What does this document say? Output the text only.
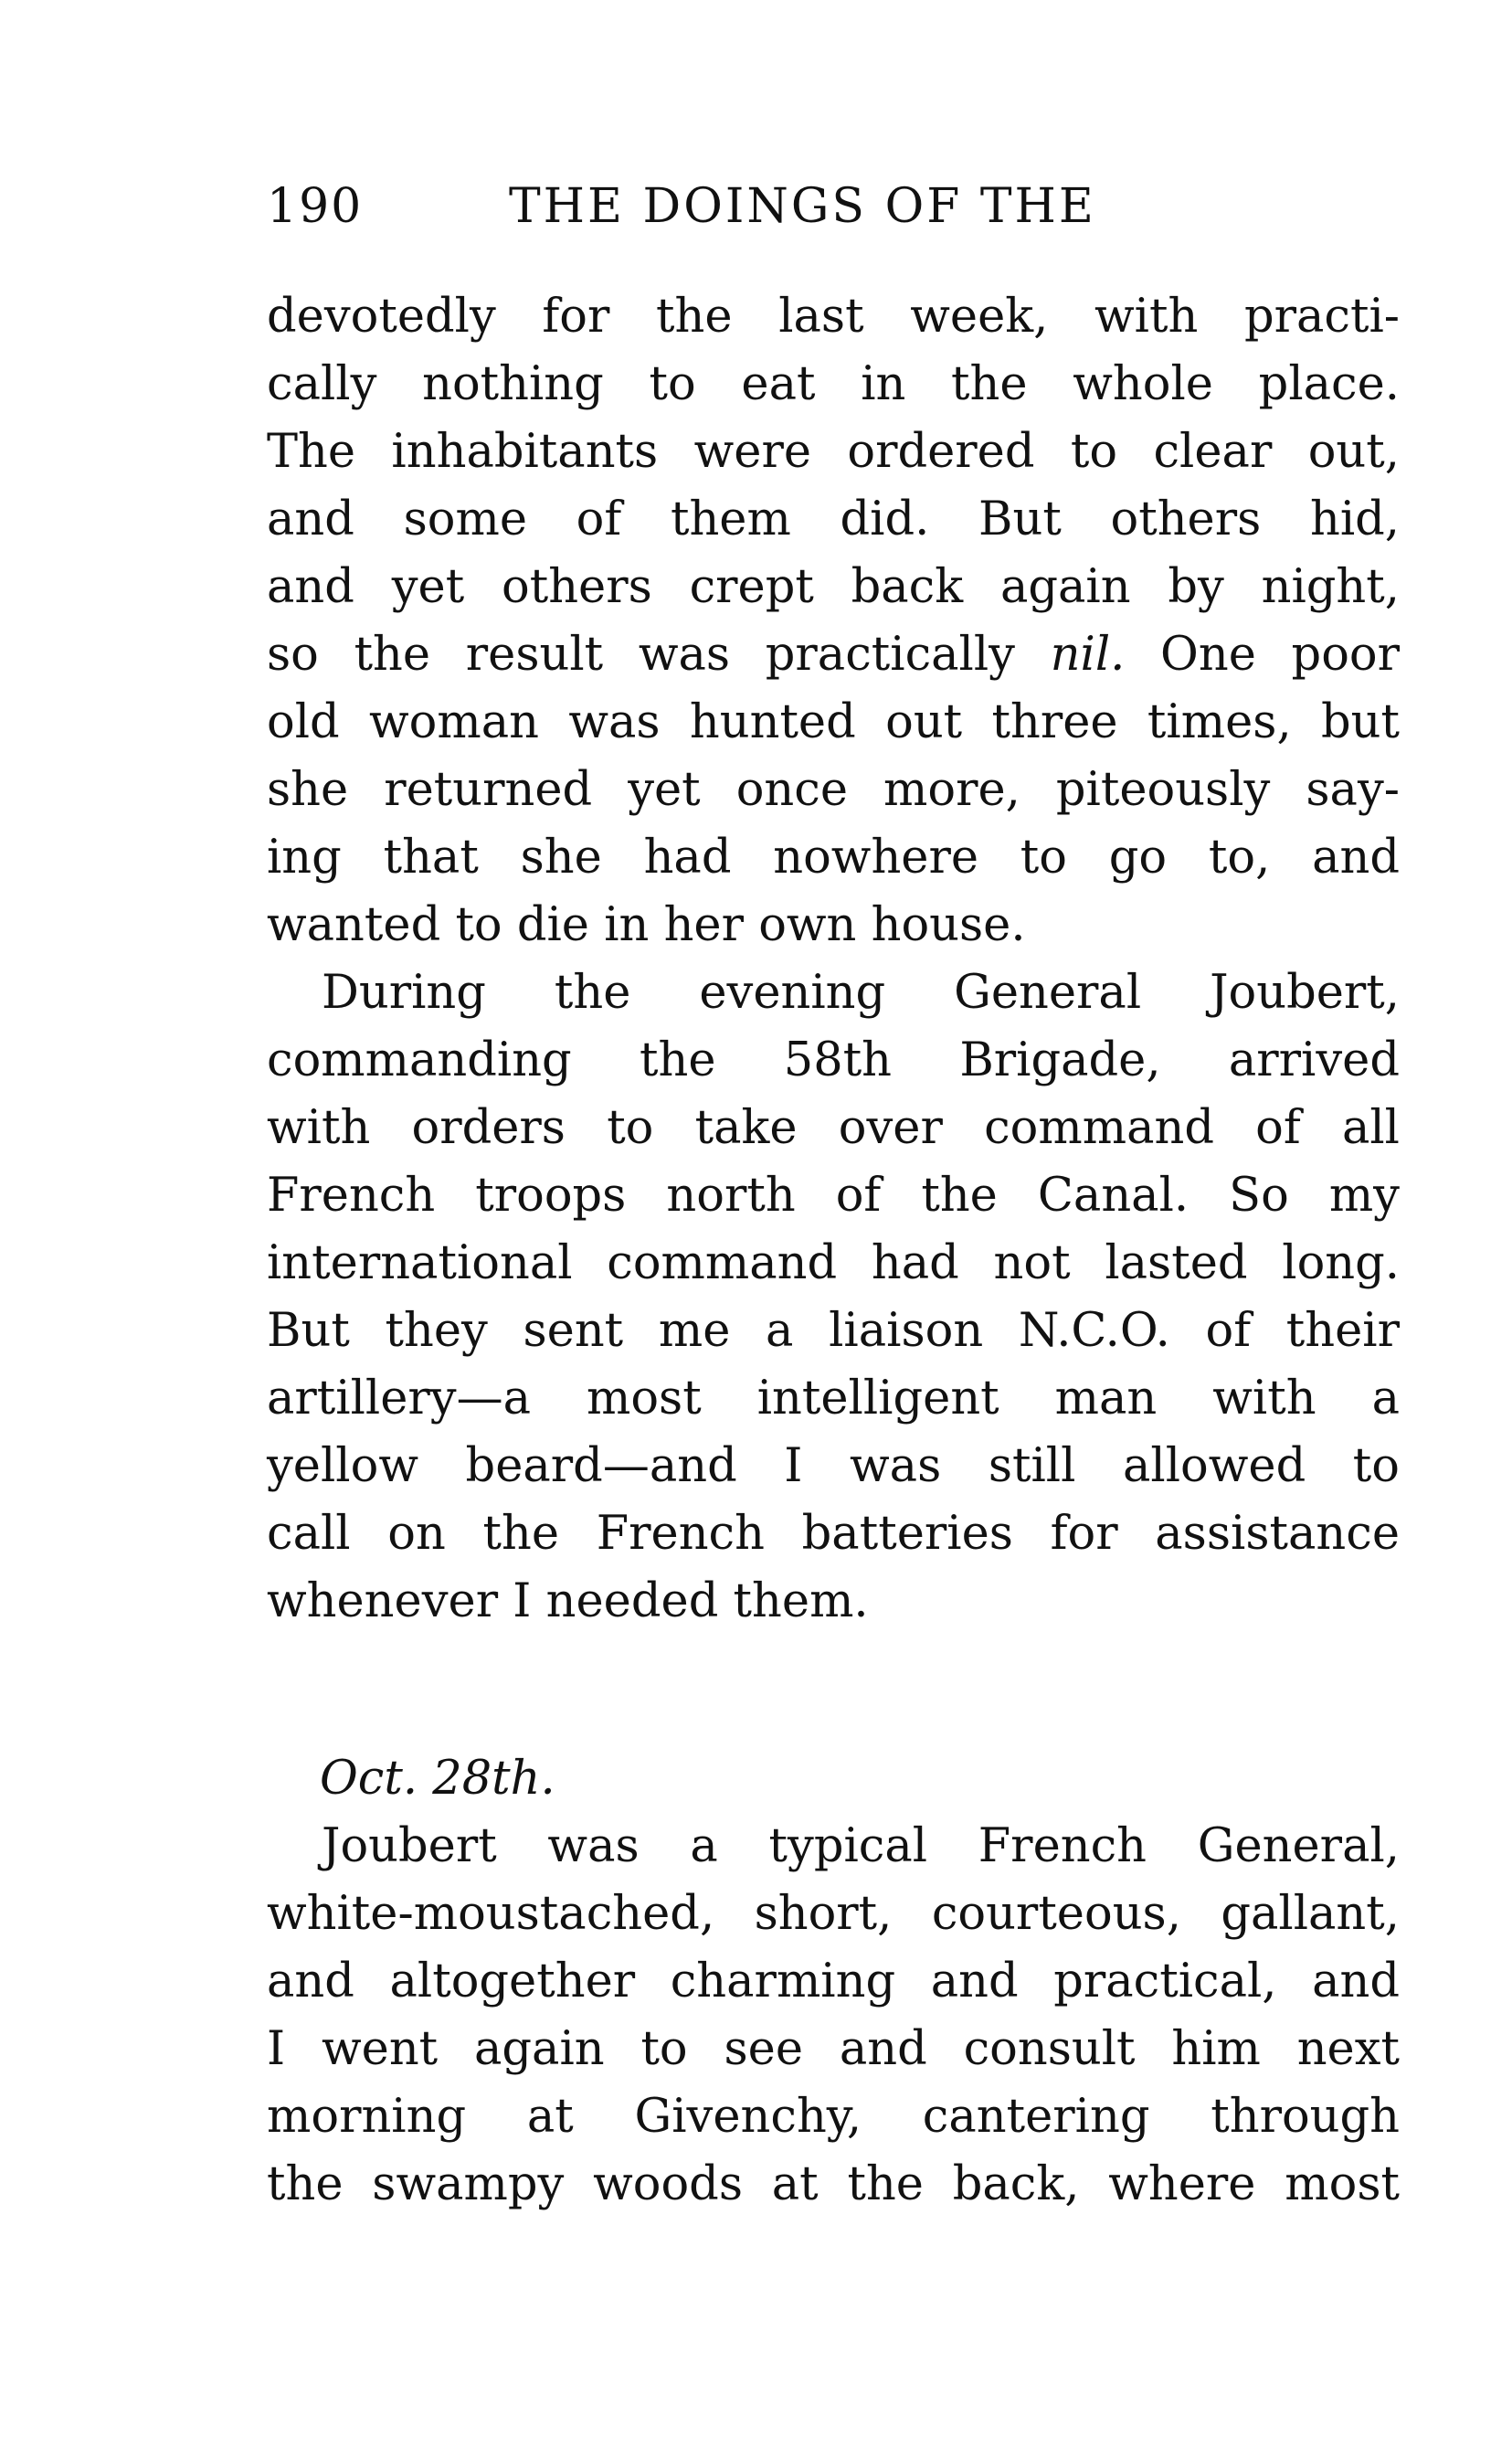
190	THE DOINGS OF THE
devotedly for the last week, with practi-
cally nothing to eat in the whole place.
The inhabitants were ordered to clear out,
and some of them did. But others hid,
and yet others crept back again by night,
so the result was practically nil. One poor
old woman was hunted out three times, but
she returned yet once more, piteously say-
ing that she had nowhere to go to, and
wanted to die in her own house.
During the evening General Joubert,
commanding the 58th Brigade, arrived
with orders to take over command of all
French troops north of the Canal. So my
international command had not lasted long.
But they sent me a liaison N.C.O. of their
artillery—a most intelligent man with a
yellow beard—and I was still allowed to
call on the French batteries for assistance
whenever I needed them.
Oct. 28th.
Joubert was a typical French General,
white-moustached, short, courteous, gallant,
and altogether charming and practical, and
I went again to see and consult him next
morning at Givenchy, cantering through
the swampy woods at the back, where most
